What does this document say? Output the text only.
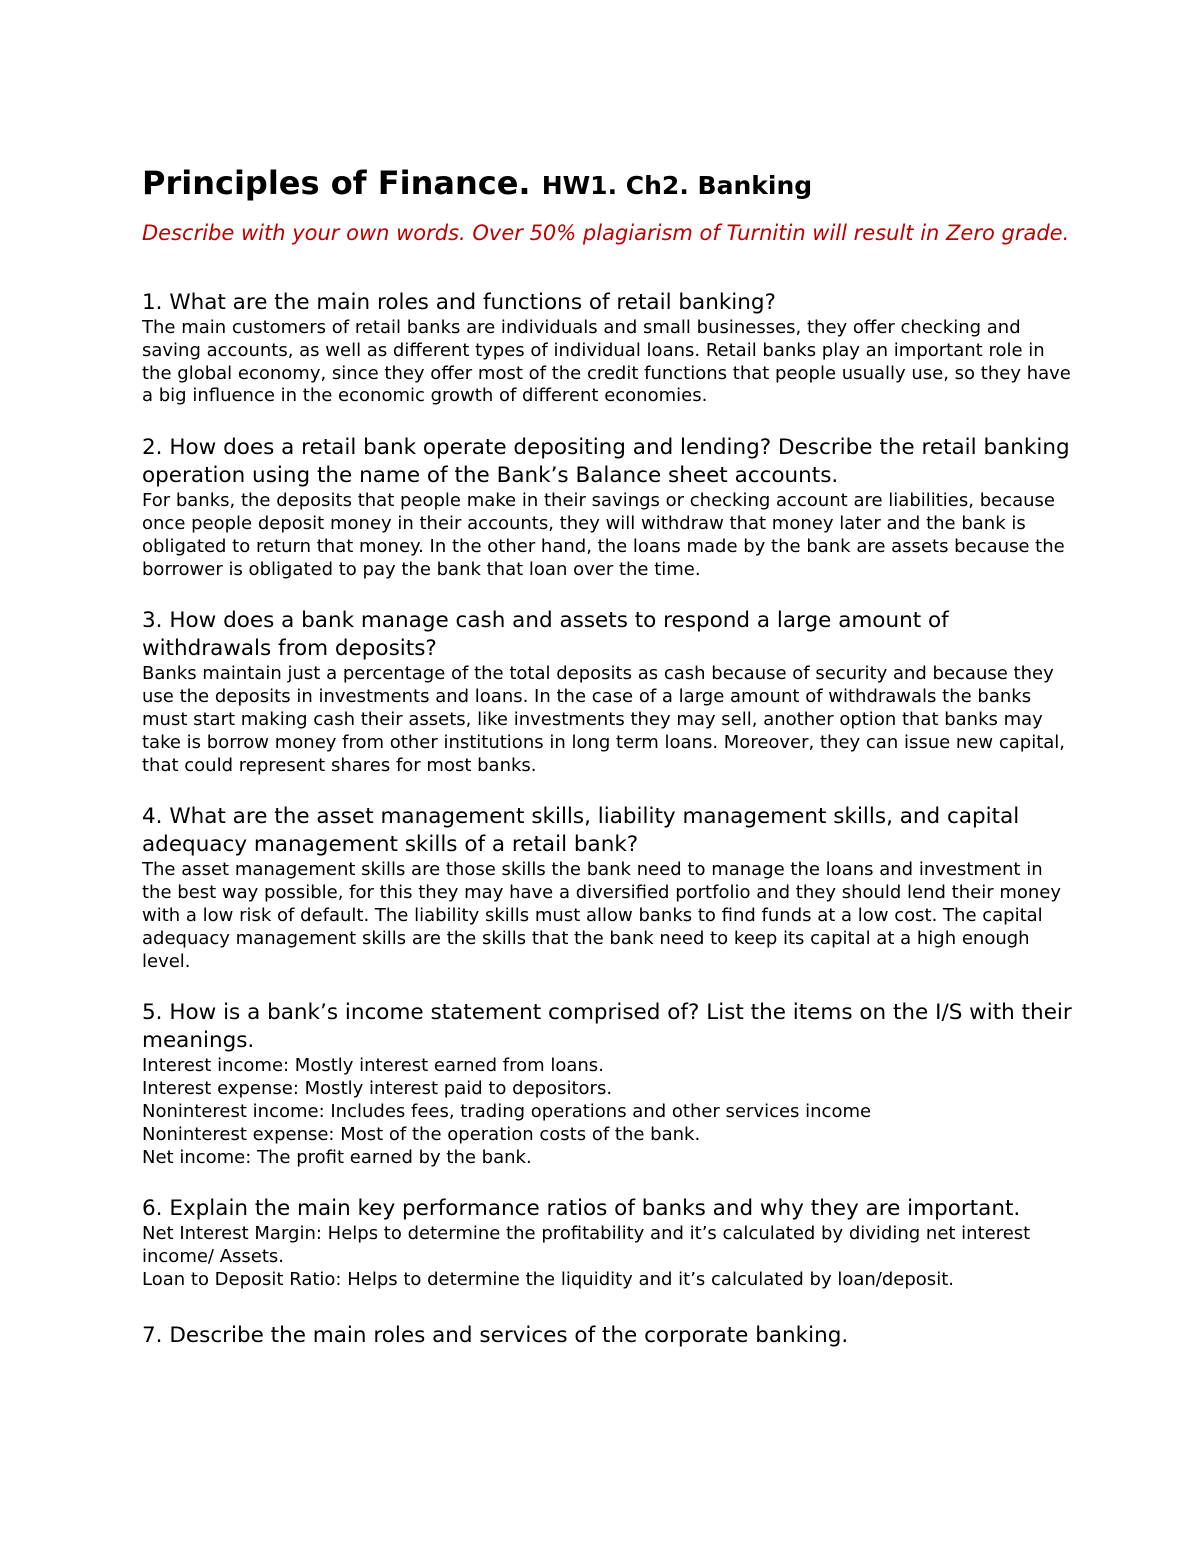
Principles of Finance. HW1. Ch2. Banking

Describe with your own words. Over 50% plagiarism of Turnitin will result in Zero grade.

1. What are the main roles and functions of retail banking?

The main customers of retail banks are individuals and small businesses, they offer checking and saving accounts, as well as different types of individual loans. Retail banks play an important role in the global economy, since they offer most of the credit functions that people usually use, so they have a big influence in the economic growth of different economies.

2. How does a retail bank operate depositing and lending? Describe the retail banking operation using the name of the Bank’s Balance sheet accounts.

For banks, the deposits that people make in their savings or checking account are liabilities, because once people deposit money in their accounts, they will withdraw that money later and the bank is obligated to return that money. In the other hand, the loans made by the bank are assets because the borrower is obligated to pay the bank that loan over the time.

3. How does a bank manage cash and assets to respond a large amount of withdrawals from deposits?

Banks maintain just a percentage of the total deposits as cash because of security and because they use the deposits in investments and loans. In the case of a large amount of withdrawals the banks must start making cash their assets, like investments they may sell, another option that banks may take is borrow money from other institutions in long term loans. Moreover, they can issue new capital, that could represent shares for most banks.

4. What are the asset management skills, liability management skills, and capital adequacy management skills of a retail bank?

The asset management skills are those skills the bank need to manage the loans and investment in the best way possible, for this they may have a diversified portfolio and they should lend their money with a low risk of default. The liability skills must allow banks to find funds at a low cost. The capital adequacy management skills are the skills that the bank need to keep its capital at a high enough level.

5. How is a bank’s income statement comprised of? List the items on the I/S with their meanings.

Interest income: Mostly interest earned from loans.

Interest expense: Mostly interest paid to depositors.

Noninterest income: Includes fees, trading operations and other services income

Noninterest expense: Most of the operation costs of the bank.

Net income: The profit earned by the bank.

6. Explain the main key performance ratios of banks and why they are important.

Net Interest Margin: Helps to determine the profitability and it’s calculated by dividing net interest income/ Assets.

Loan to Deposit Ratio: Helps to determine the liquidity and it’s calculated by loan/deposit.

7. Describe the main roles and services of the corporate banking.
